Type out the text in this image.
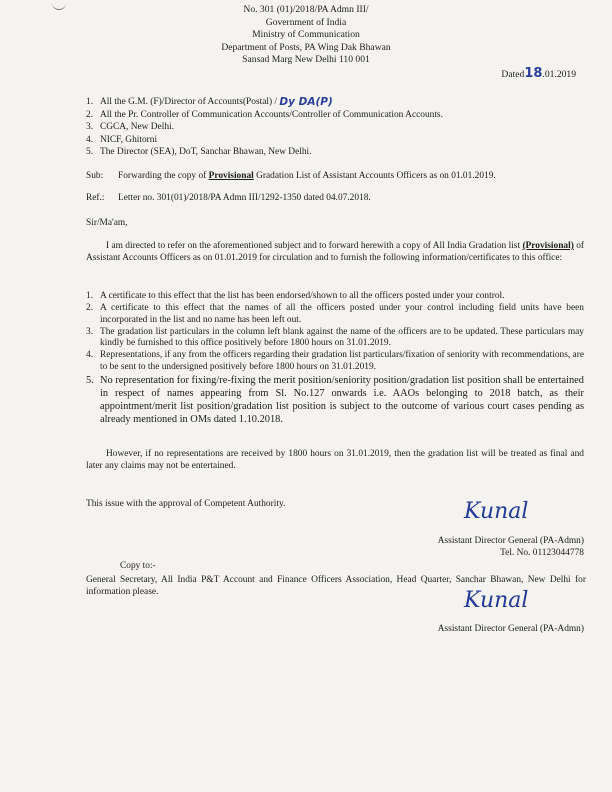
No. 301 (01)/2018/PA Admn III/
Government of India
Ministry of Communication
Department of Posts, PA Wing Dak Bhawan
Sansad Marg New Delhi 110 001
Dated18.01.2019
1. All the G.M. (F)/Director of Accounts(Postal) /
Dy DA(P)
2. All the Pr. Controller of Communication Accounts/Controller of Communication Accounts.
3. CGCA, New Delhi.
4. NICF, Ghitorni
5. The Director (SEA), DoT, Sanchar Bhawan, New Delhi.
Sub: Forwarding the copy of Provisional Gradation List of Assistant Accounts Officers as on 01.01.2019.
Ref.: Letter no. 301(01)/2018/PA Admn III/1292-1350 dated 04.07.2018.
Sir/Ma'am,
I am directed to refer on the aforementioned subject and to forward herewith a copy of All India Gradation list (Provisional) of Assistant Accounts Officers as on 01.01.2019 for circulation and to furnish the following information/certificates to this office:
1. A certificate to this effect that the list has been endorsed/shown to all the officers posted under your control.
2. A certificate to this effect that the names of all the officers posted under your control including field units have been incorporated in the list and no name has been left out.
3. The gradation list particulars in the column left blank against the name of the officers are to be updated. These particulars may kindly be furnished to this office positively before 1800 hours on 31.01.2019.
4. Representations, if any from the officers regarding their gradation list particulars/fixation of seniority with recommendations, are to be sent to the undersigned positively before 1800 hours on 31.01.2019.
5. No representation for fixing/re-fixing the merit position/seniority position/gradation list position shall be entertained in respect of names appearing from Sl. No.127 onwards i.e. AAOs belonging to 2018 batch, as their appointment/merit list position/gradation list position is subject to the outcome of various court cases pending as already mentioned in OMs dated 1.10.2018.
However, if no representations are received by 1800 hours on 31.01.2019, then the gradation list will be treated as final and later any claims may not be entertained.
This issue with the approval of Competent Authority.	Kunal
Assistant Director General (PA-Admn)
Tel. No. 01123044778
Copy to:-
General Secretary, All India P&T Account and Finance Officers Association, Head Quarter, Sanchar Bhawan, New Delhi for information please.	Kunal
Assistant Director General (PA-Admn)
